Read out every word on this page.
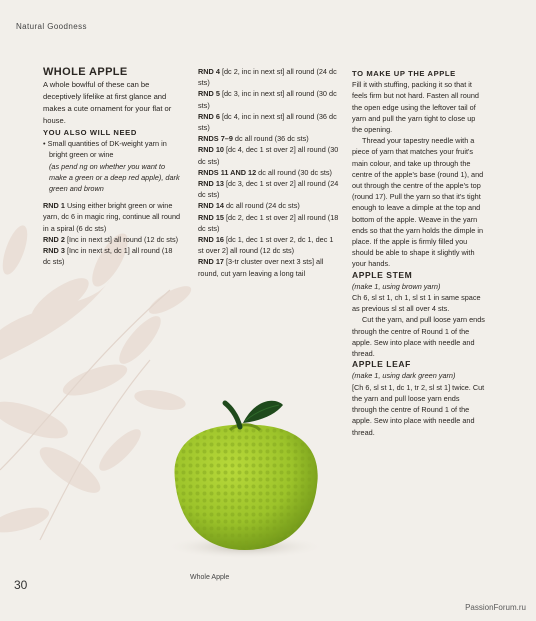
Natural Goodness

WHOLE APPLE

A whole bowlful of these can be deceptively lifelike at first glance and makes a cute ornament for your flat or house.

YOU ALSO WILL NEED

• Small quantities of DK-weight yarn in bright green or wine

(as pend ng on whether you want to make a green or a deep red apple), dark green and brown

RND 1 Using either bright green or wine yarn, dc 6 in magic ring, continue all round in a spiral (6 dc sts)

RND 2 [Inc in next st] all round (12 dc sts)

RND 3 [Inc in next st, dc 1] all round (18 dc sts)

RND 4 [dc 2, inc in next st] all round (24 dc sts)

RND 5 [dc 3, inc in next st] all round (30 dc sts)

RND 6 [dc 4, inc in next st] all round (36 dc sts)

RNDS 7–9 dc all round (36 dc sts)

RND 10 [dc 4, dec 1 st over 2] all round (30 dc sts)

RNDS 11 AND 12 dc all round (30 dc sts)

RND 13 [dc 3, dec 1 st over 2] all round (24 dc sts)

RND 14 dc all round (24 dc sts)

RND 15 [dc 2, dec 1 st over 2] all round (18 dc sts)

RND 16 [dc 1, dec 1 st over 2, dc 1, dec 1 st over 2] all round (12 dc sts)

RND 17 [3-tr cluster over next 3 sts] all round, cut yarn leaving a long tail

TO MAKE UP THE APPLE

Fill it with stuffing, packing it so that it feels firm but not hard. Fasten all round the open edge using the leftover tail of yarn and pull the yarn tight to close up the opening.

Thread your tapestry needle with a piece of yarn that matches your fruit's main colour, and take up through the centre of the apple's base (round 1), and out through the centre of the apple's top (round 17). Pull the yarn so that it's tight enough to leave a dimple at the top and bottom of the apple. Weave in the yarn ends so that the yarn holds the dimple in place. If the apple is firmly filled you should be able to shape it slightly with your hands.

APPLE STEM

(make 1, using brown yarn)

Ch 6, sl st 1, ch 1, sl st 1 in same space as previous sl st all over 4 sts.

Cut the yarn, and pull loose yarn ends through the centre of Round 1 of the apple. Sew into place with needle and thread.

APPLE LEAF

(make 1, using dark green yarn)

[Ch 6, sl st 1, dc 1, tr 2, sl st 1] twice. Cut the yarn and pull loose yarn ends through the centre of Round 1 of the apple. Sew into place with needle and thread.

Whole Apple
30
PassionForum.ru
